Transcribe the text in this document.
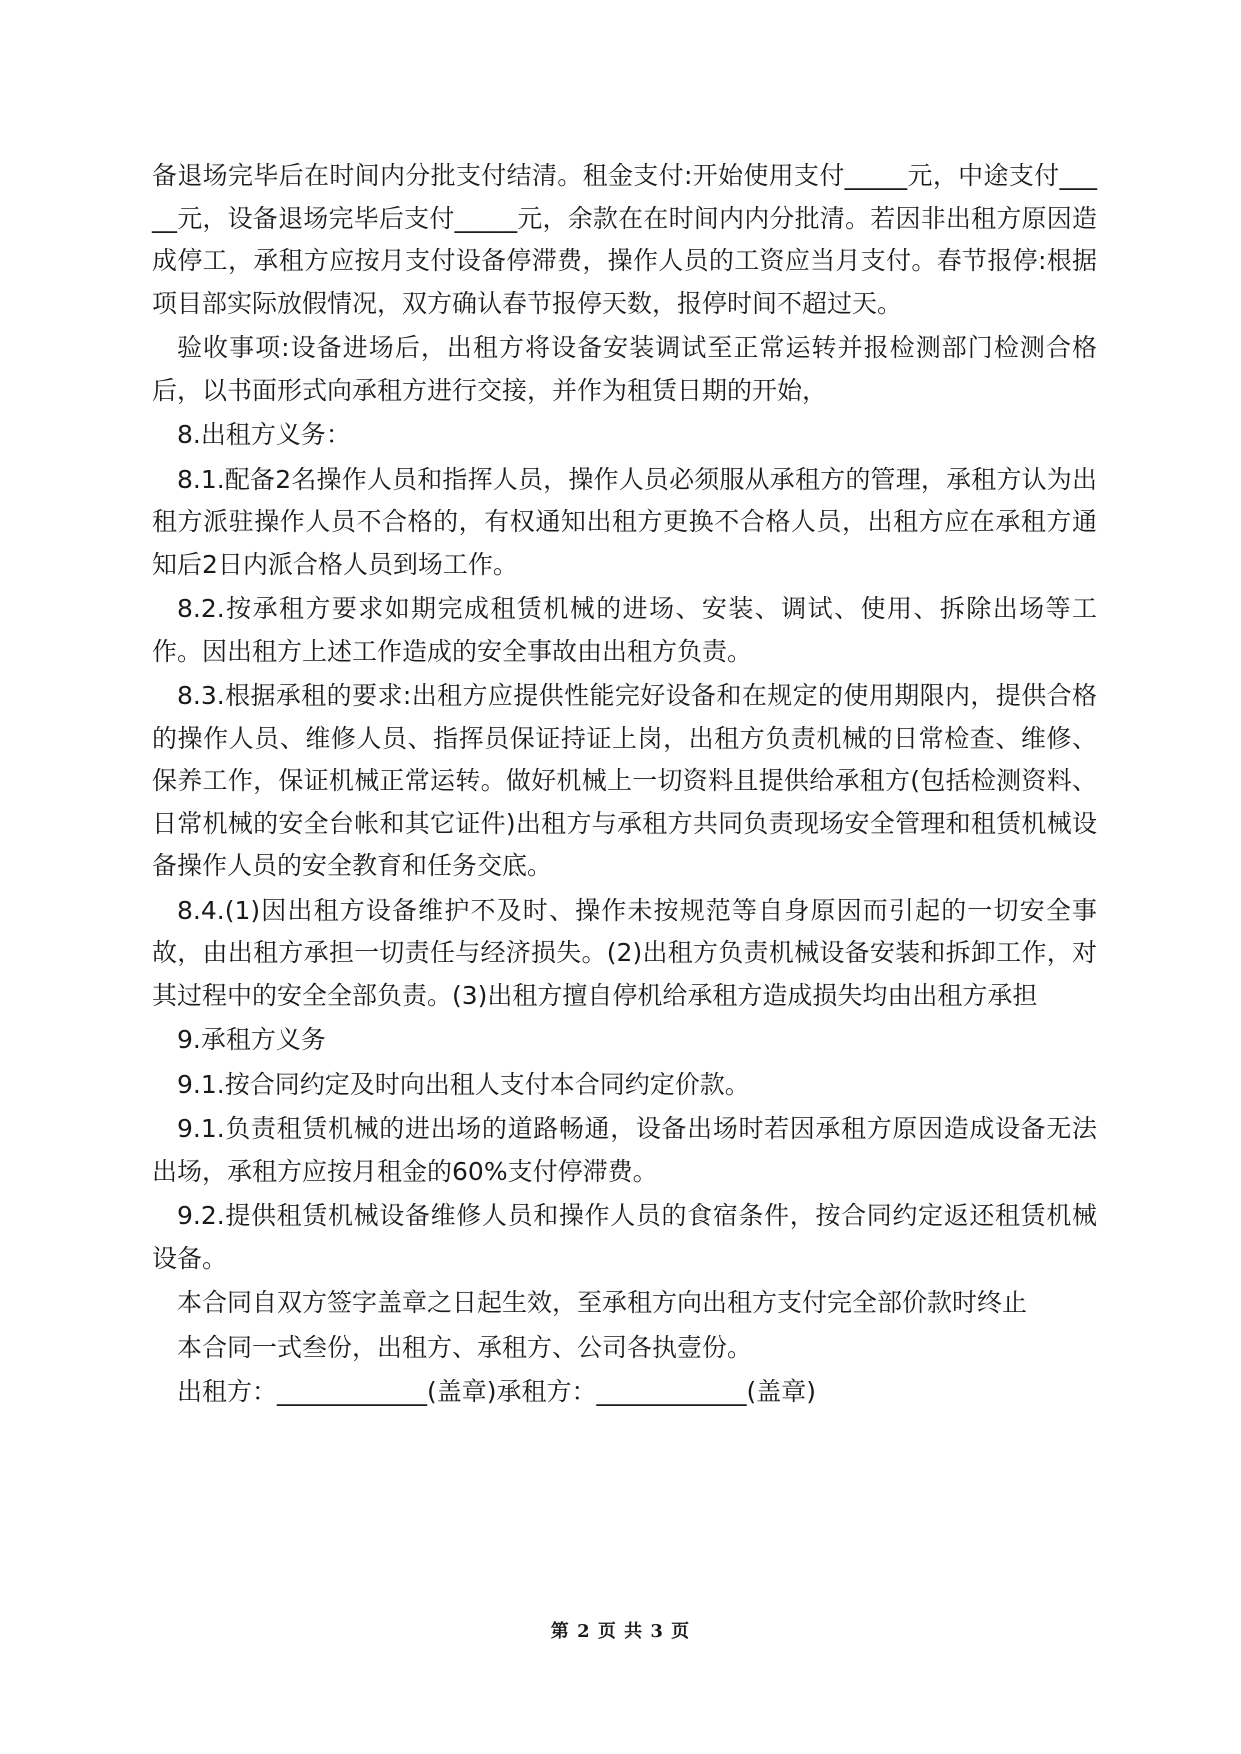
备退场完毕后在时间内分批支付结清。租金支付:开始使用支付_____元，中途支付_____元，设备退场完毕后支付_____元，余款在在时间内内分批清。若因非出租方原因造成停工，承租方应按月支付设备停滞费，操作人员的工资应当月支付。春节报停:根据项目部实际放假情况，双方确认春节报停天数，报停时间不超过天。

验收事项:设备进场后，出租方将设备安装调试至正常运转并报检测部门检测合格后，以书面形式向承租方进行交接，并作为租赁日期的开始，

8.出租方义务：

8.1.配备2名操作人员和指挥人员，操作人员必须服从承租方的管理，承租方认为出租方派驻操作人员不合格的，有权通知出租方更换不合格人员，出租方应在承租方通知后2日内派合格人员到场工作。

8.2.按承租方要求如期完成租赁机械的进场、安装、调试、使用、拆除出场等工作。因出租方上述工作造成的安全事故由出租方负责。

8.3.根据承租的要求:出租方应提供性能完好设备和在规定的使用期限内，提供合格的操作人员、维修人员、指挥员保证持证上岗，出租方负责机械的日常检查、维修、保养工作，保证机械正常运转。做好机械上一切资料且提供给承租方(包括检测资料、日常机械的安全台帐和其它证件)出租方与承租方共同负责现场安全管理和租赁机械设备操作人员的安全教育和任务交底。

8.4.(1)因出租方设备维护不及时、操作未按规范等自身原因而引起的一切安全事故，由出租方承担一切责任与经济损失。(2)出租方负责机械设备安装和拆卸工作，对其过程中的安全全部负责。(3)出租方擅自停机给承租方造成损失均由出租方承担

9.承租方义务

9.1.按合同约定及时向出租人支付本合同约定价款。

9.1.负责租赁机械的进出场的道路畅通，设备出场时若因承租方原因造成设备无法出场，承租方应按月租金的60%支付停滞费。

9.2.提供租赁机械设备维修人员和操作人员的食宿条件，按合同约定返还租赁机械设备。

本合同自双方签字盖章之日起生效，至承租方向出租方支付完全部价款时终止

本合同一式叁份，出租方、承租方、公司各执壹份。

出租方：____________(盖章)承租方：____________(盖章)

第 2 页 共 3 页
